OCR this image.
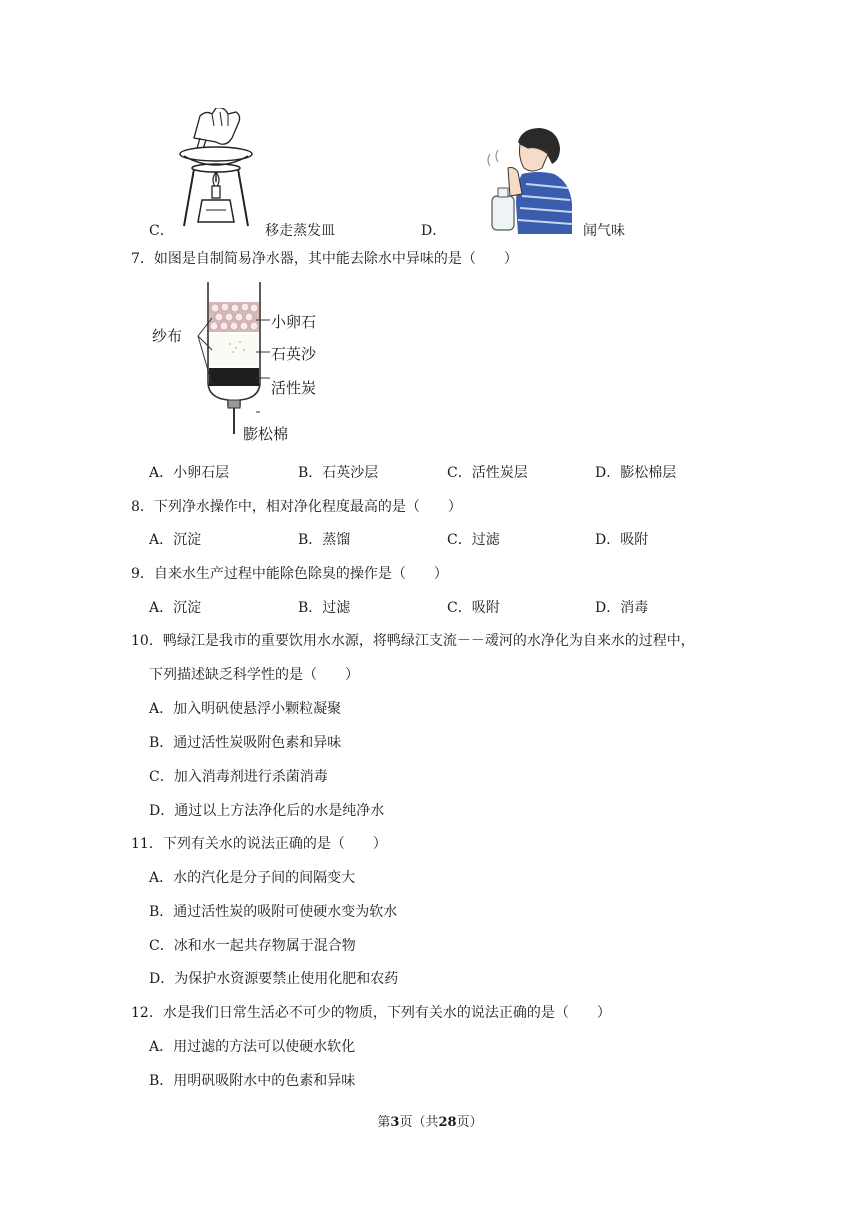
C．	移走蒸发皿	D．	闻气味
7．如图是自制简易净水器，其中能去除水中异味的是（　　）
纱布
小卵石
石英沙
活性炭
膨松棉
A．小卵石层	B．石英沙层	C．活性炭层	D．膨松棉层
8．下列净水操作中，相对净化程度最高的是（　　）
A．沉淀	B．蒸馏	C．过滤	D．吸附
9．自来水生产过程中能除色除臭的操作是（　　）
A．沉淀	B．过滤	C．吸附	D．消毒
10．鸭绿江是我市的重要饮用水水源，将鸭绿江支流－－叆河的水净化为自来水的过程中，
下列描述缺乏科学性的是（　　）
A．加入明矾使悬浮小颗粒凝聚
B．通过活性炭吸附色素和异味
C．加入消毒剂进行杀菌消毒
D．通过以上方法净化后的水是纯净水
11．下列有关水的说法正确的是（　　）
A．水的汽化是分子间的间隔变大
B．通过活性炭的吸附可使硬水变为软水
C．冰和水一起共存物属于混合物
D．为保护水资源要禁止使用化肥和农药
12．水是我们日常生活必不可少的物质，下列有关水的说法正确的是（　　）
A．用过滤的方法可以使硬水软化
B．用明矾吸附水中的色素和异味
第3页（共28页）
